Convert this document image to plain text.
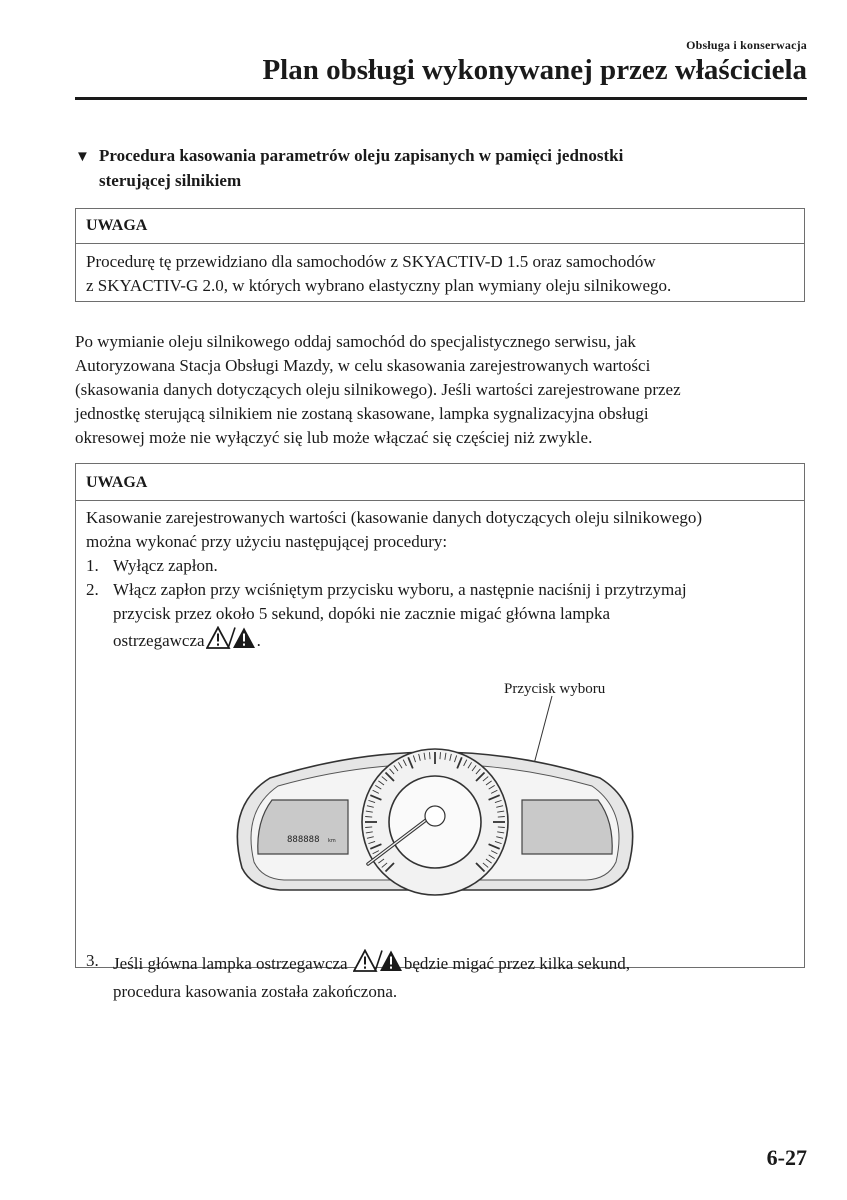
Obsługa i konserwacja
Plan obsługi wykonywanej przez właściciela
▼ Procedura kasowania parametrów oleju zapisanych w pamięci jednostki
sterującej silnikiem
UWAGA
Procedurę tę przewidziano dla samochodów z SKYACTIV-D 1.5 oraz samochodów
z SKYACTIV-G 2.0, w których wybrano elastyczny plan wymiany oleju silnikowego.
Po wymianie oleju silnikowego oddaj samochód do specjalistycznego serwisu, jak
Autoryzowana Stacja Obsługi Mazdy, w celu skasowania zarejestrowanych wartości
(skasowania danych dotyczących oleju silnikowego). Jeśli wartości zarejestrowane przez
jednostkę sterującą silnikiem nie zostaną skasowane, lampka sygnalizacyjna obsługi
okresowej może nie wyłączyć się lub może włączać się częściej niż zwykle.
UWAGA
Kasowanie zarejestrowanych wartości (kasowanie danych dotyczących oleju silnikowego)
można wykonać przy użyciu następującej procedury:
1. Wyłącz zapłon.
2. Włącz zapłon przy wciśniętym przycisku wyboru, a następnie naciśnij i przytrzymaj
przycisk przez około 5 sekund, dopóki nie zacznie migać główna lampka
ostrzegawcza	.
3. Jeśli główna lampka ostrzegawcza	będzie migać przez kilka sekund,
procedura kasowania została zakończona.
Przycisk wyboru
888888 km
6-27
